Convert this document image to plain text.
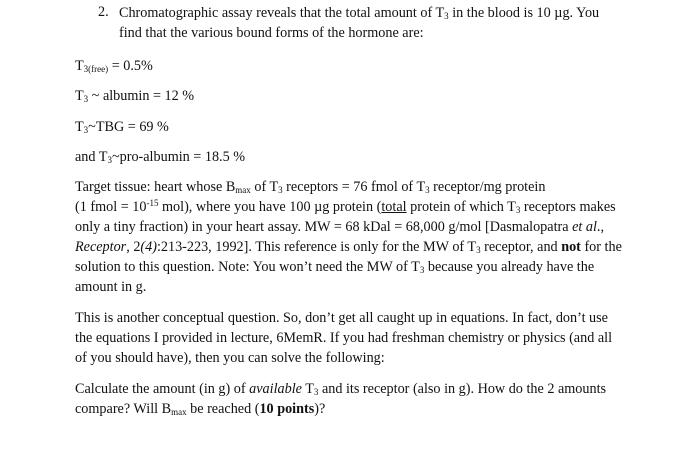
2. Chromatographic assay reveals that the total amount of $T_3$ in the blood is 10 µg. You
find that the various bound forms of the hormone are:
$T_{3(free)} = 0.5\%$
$T_3$ ~ albumin = 12 %
$T_3\sim TBG = 69$ %
and $T_3\sim pro$-albumin = 18.5 %
Target tissue: heart whose $B_{max}$ of $T_3$ receptors = 76 fmol of $T_3$ receptor/mg protein
(1 fmol = $10^{-15}$ mol), where you have 100 µg protein (total protein of which $T_3$ receptors makes
only a tiny fraction) in your heart assay. MW = 68 kDal = 68,000 g/mol [Dasmalopatra et al.,
Receptor, 2(4):213-223, 1992]. This reference is only for the MW of $T_3$ receptor, and not for the
solution to this question. Note: You won’t need the MW of $T_3$ because you already have the
amount in g.
This is another conceptual question. So, don’t get all caught up in equations. In fact, don’t use
the equations I provided in lecture, 6MemR. If you had freshman chemistry or physics (and all
of you should have), then you can solve the following:
Calculate the amount (in g) of available $T_3$ and its receptor (also in g). How do the 2 amounts
compare? Will $B_{max}$ be reached (10 points)?
